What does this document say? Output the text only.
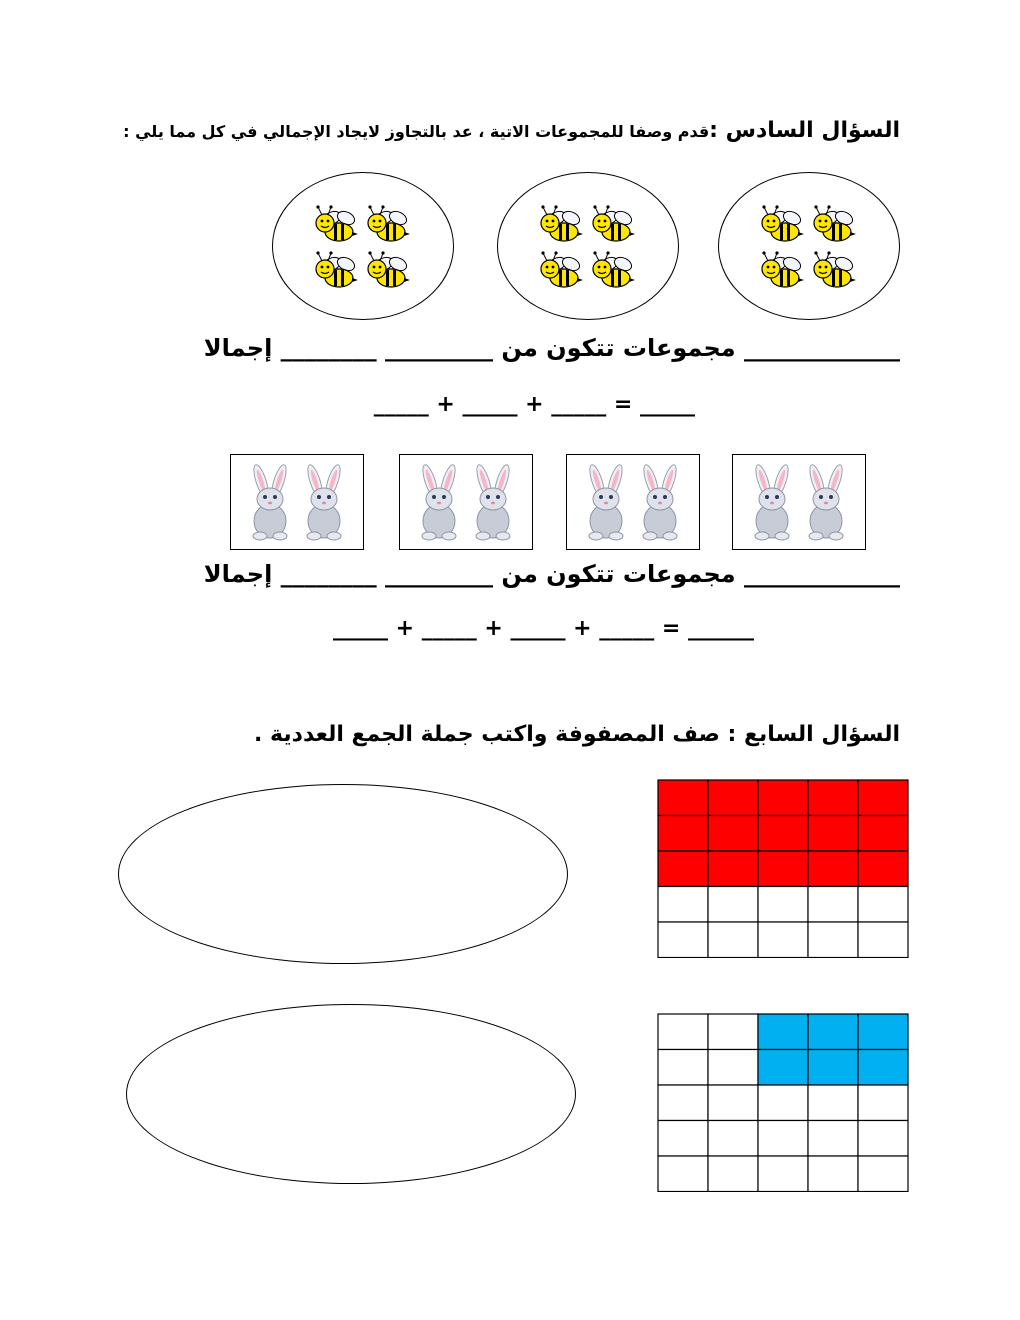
السؤال السادس :قدم وصفا للمجموعات الاتية ، عد بالتجاوز لايجاد الإجمالي في كل مما يلي :
_____________ مجموعات تتكون من _________ ________ إجمالا
_____ = _____ + _____ + _____
_____________ مجموعات تتكون من _________ ________ إجمالا
______ = _____ + _____ + _____ + _____
السؤال السابع : صف المصفوفة واكتب جملة الجمع العددية .
